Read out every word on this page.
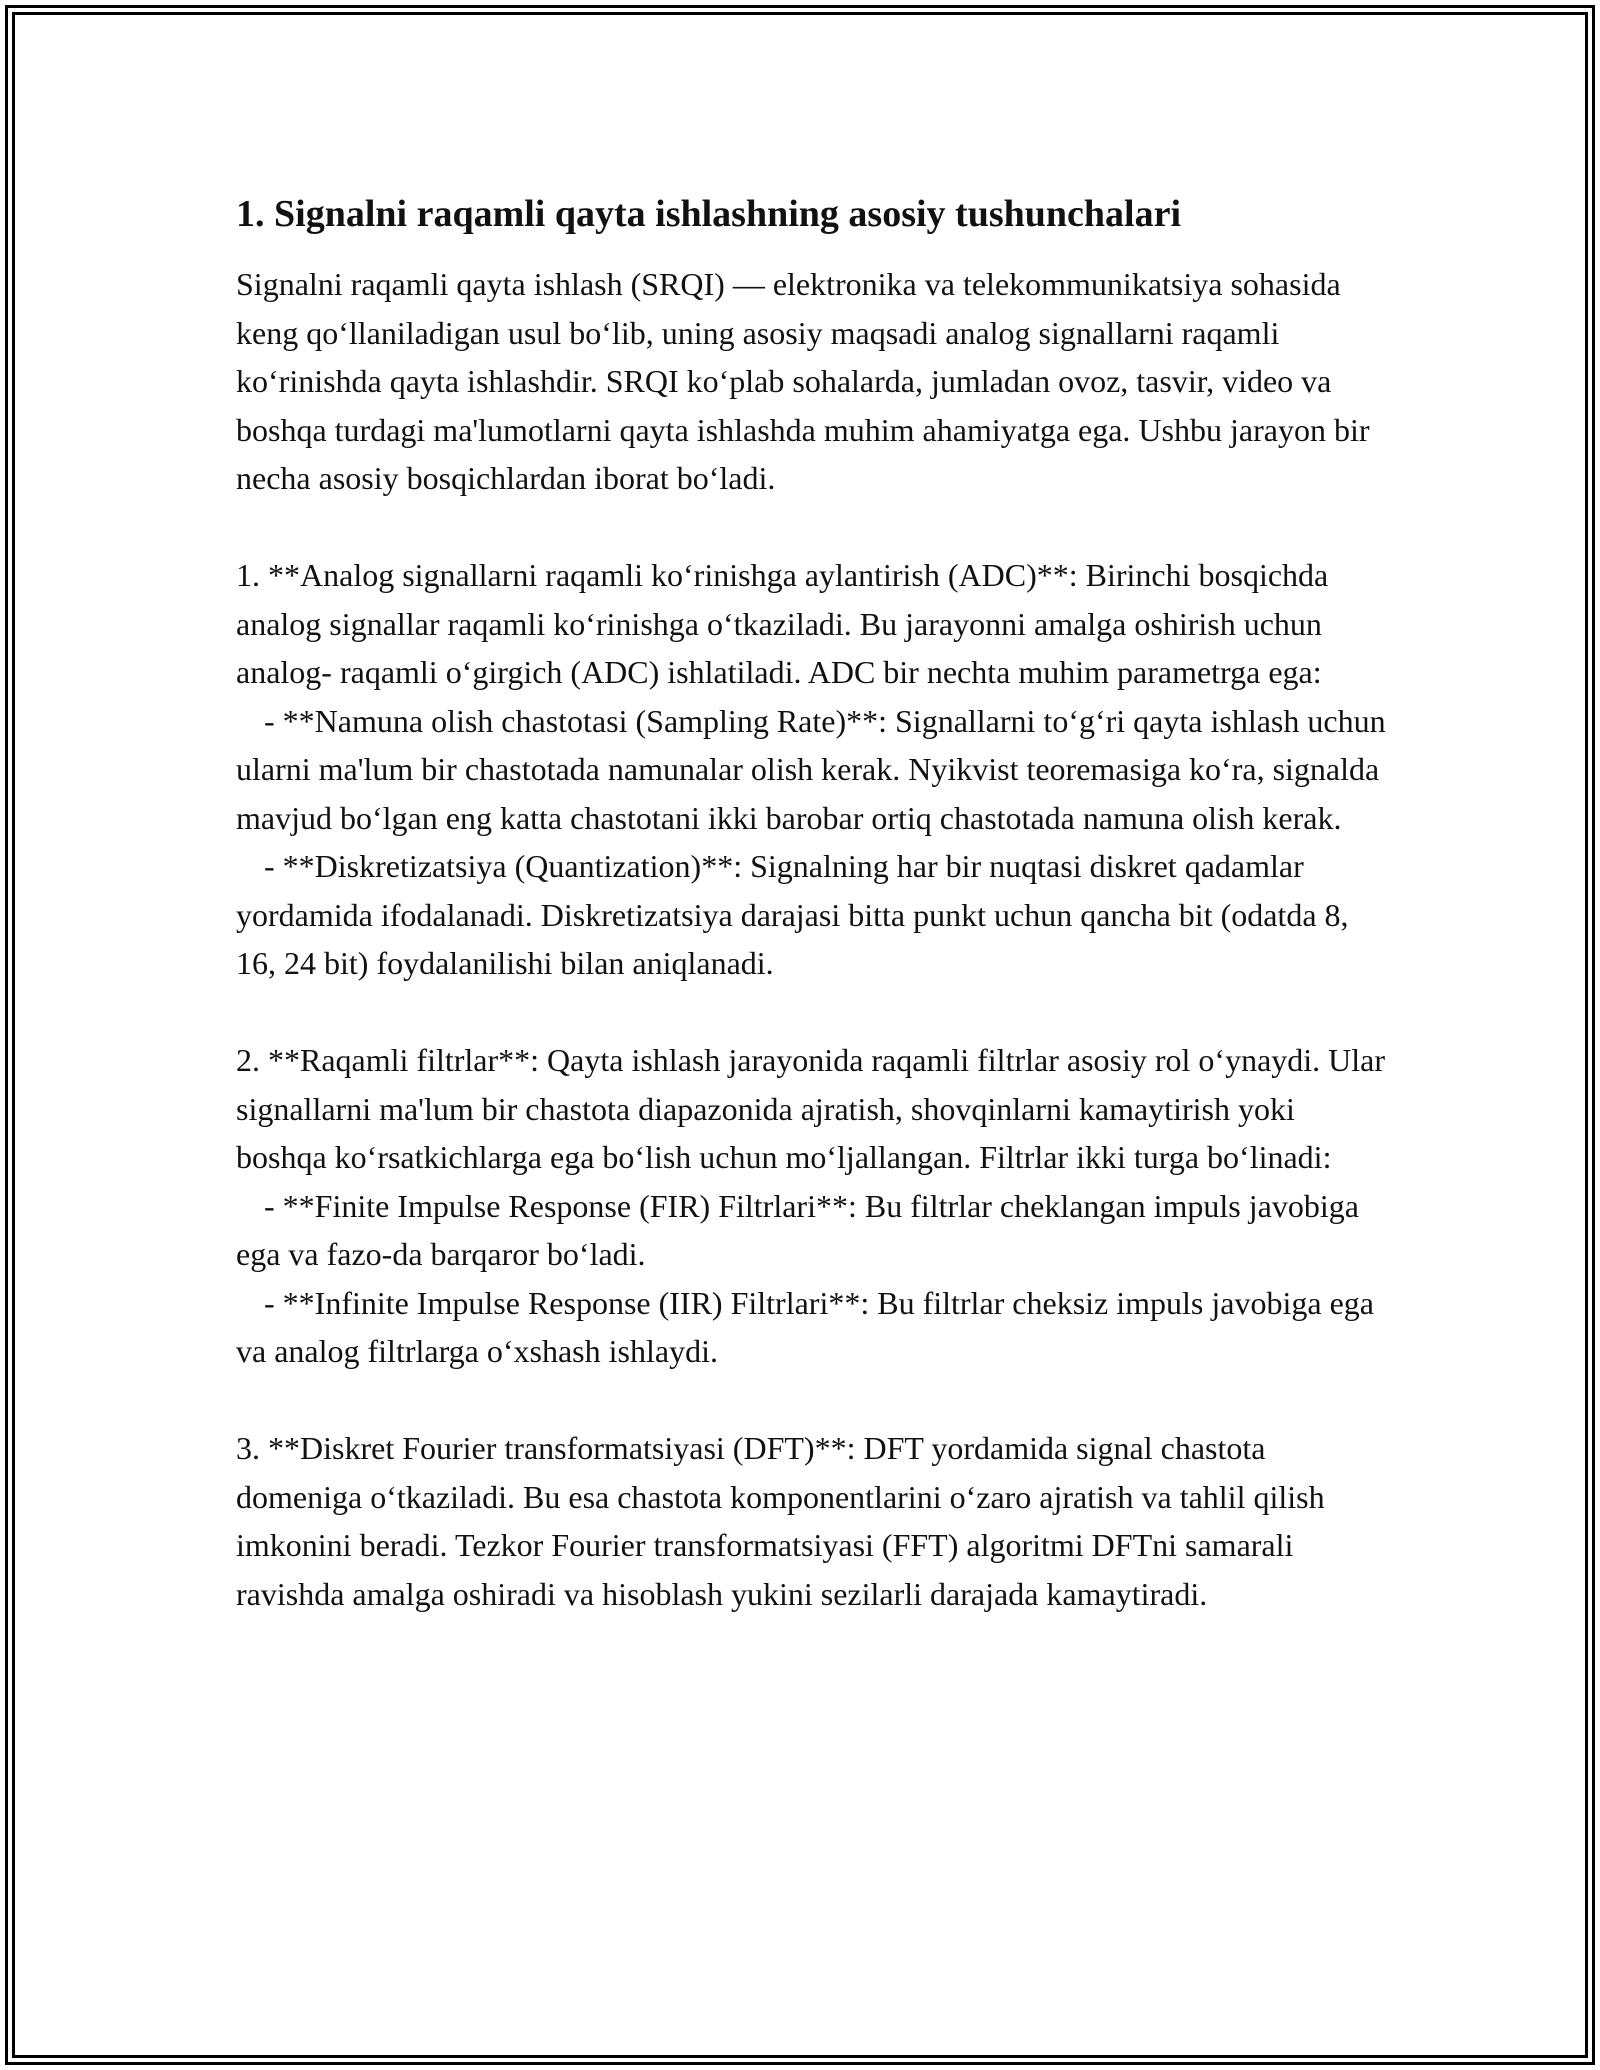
1. Signalni raqamli qayta ishlashning asosiy tushunchalari

Signalni raqamli qayta ishlash (SRQI) — elektronika va telekommunikatsiya sohasida keng qo‘llaniladigan usul bo‘lib, uning asosiy maqsadi analog signallarni raqamli ko‘rinishda qayta ishlashdir. SRQI ko‘plab sohalarda, jumladan ovoz, tasvir, video va boshqa turdagi ma'lumotlarni qayta ishlashda muhim ahamiyatga ega. Ushbu jarayon bir necha asosiy bosqichlardan iborat bo‘ladi.

1. **Analog signallarni raqamli ko‘rinishga aylantirish (ADC)**: Birinchi bosqichda analog signallar raqamli ko‘rinishga o‘tkaziladi. Bu jarayonni amalga oshirish uchun analog- raqamli o‘girgich (ADC) ishlatiladi. ADC bir nechta muhim parametrga ega:

- **Namuna olish chastotasi (Sampling Rate)**: Signallarni to‘g‘ri qayta ishlash uchun ularni ma'lum bir chastotada namunalar olish kerak. Nyikvist teoremasiga ko‘ra, signalda mavjud bo‘lgan eng katta chastotani ikki barobar ortiq chastotada namuna olish kerak.

- **Diskretizatsiya (Quantization)**: Signalning har bir nuqtasi diskret qadamlar yordamida ifodalanadi. Diskretizatsiya darajasi bitta punkt uchun qancha bit (odatda 8, 16, 24 bit) foydalanilishi bilan aniqlanadi.

2. **Raqamli filtrlar**: Qayta ishlash jarayonida raqamli filtrlar asosiy rol o‘ynaydi. Ular signallarni ma'lum bir chastota diapazonida ajratish, shovqinlarni kamaytirish yoki boshqa ko‘rsatkichlarga ega bo‘lish uchun mo‘ljallangan. Filtrlar ikki turga bo‘linadi:

- **Finite Impulse Response (FIR) Filtrlari**: Bu filtrlar cheklangan impuls javobiga ega va fazo-da barqaror bo‘ladi.

- **Infinite Impulse Response (IIR) Filtrlari**: Bu filtrlar cheksiz impuls javobiga ega va analog filtrlarga o‘xshash ishlaydi.

3. **Diskret Fourier transformatsiyasi (DFT)**: DFT yordamida signal chastota domeniga o‘tkaziladi. Bu esa chastota komponentlarini o‘zaro ajratish va tahlil qilish imkonini beradi. Tezkor Fourier transformatsiyasi (FFT) algoritmi DFTni samarali ravishda amalga oshiradi va hisoblash yukini sezilarli darajada kamaytiradi.
